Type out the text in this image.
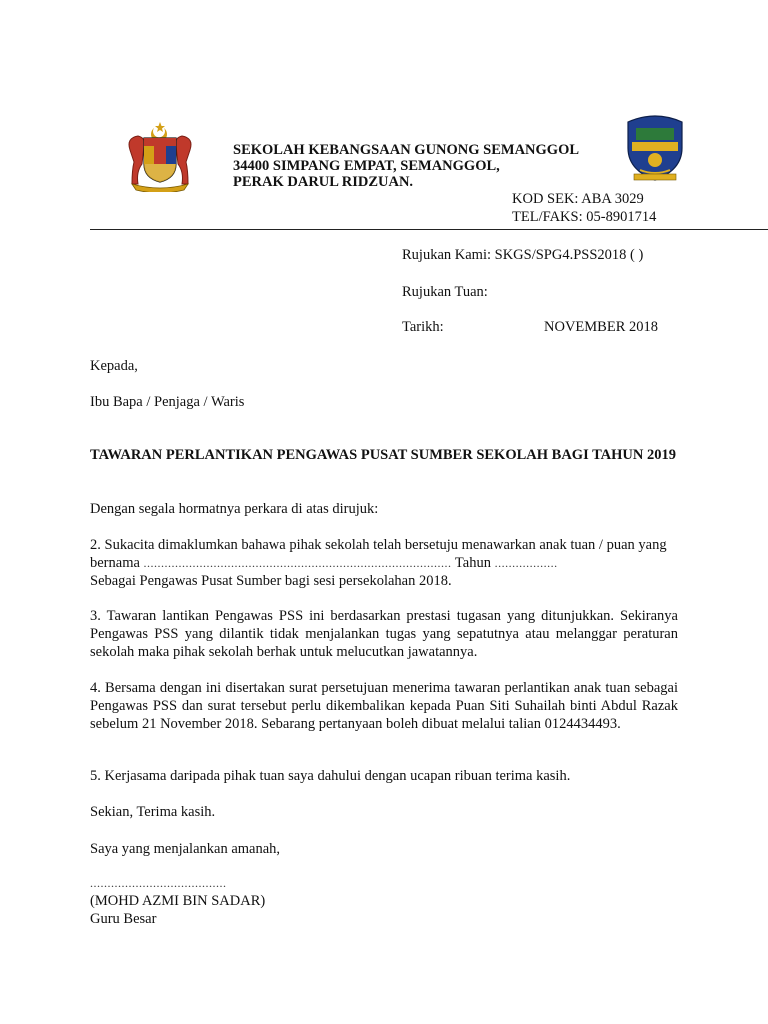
SEKOLAH KEBANGSAAN GUNONG SEMANGGOL
34400 SIMPANG EMPAT, SEMANGGOL,
PERAK DARUL RIDZUAN.
KOD SEK: ABA 3029
TEL/FAKS: 05-8901714
Rujukan Kami: SKGS/SPG4.PSS2018 ( )
Rujukan Tuan:
Tarikh:	NOVEMBER 2018
Kepada,
Ibu Bapa / Penjaga / Waris
TAWARAN PERLANTIKAN PENGAWAS PUSAT SUMBER SEKOLAH BAGI TAHUN 2019
Dengan segala hormatnya perkara di atas dirujuk:
2. Sukacita dimaklumkan bahawa pihak sekolah telah bersetuju menawarkan anak tuan / puan yang
bernama ........................................................................................ Tahun ..................
Sebagai Pengawas Pusat Sumber bagi sesi persekolahan 2018.
3. Tawaran lantikan Pengawas PSS ini berdasarkan prestasi tugasan yang ditunjukkan. Sekiranya Pengawas PSS yang dilantik tidak menjalankan tugas yang sepatutnya atau melanggar peraturan sekolah maka pihak sekolah berhak untuk melucutkan jawatannya.
4. Bersama dengan ini disertakan surat persetujuan menerima tawaran perlantikan anak tuan sebagai Pengawas PSS dan surat tersebut perlu dikembalikan kepada Puan Siti Suhailah binti Abdul Razak sebelum 21 November 2018. Sebarang pertanyaan boleh dibuat melalui talian 0124434493.
5. Kerjasama daripada pihak tuan saya dahului dengan ucapan ribuan terima kasih.
Sekian, Terima kasih.
Saya yang menjalankan amanah,
.......................................
(MOHD AZMI BIN SADAR)
Guru Besar
